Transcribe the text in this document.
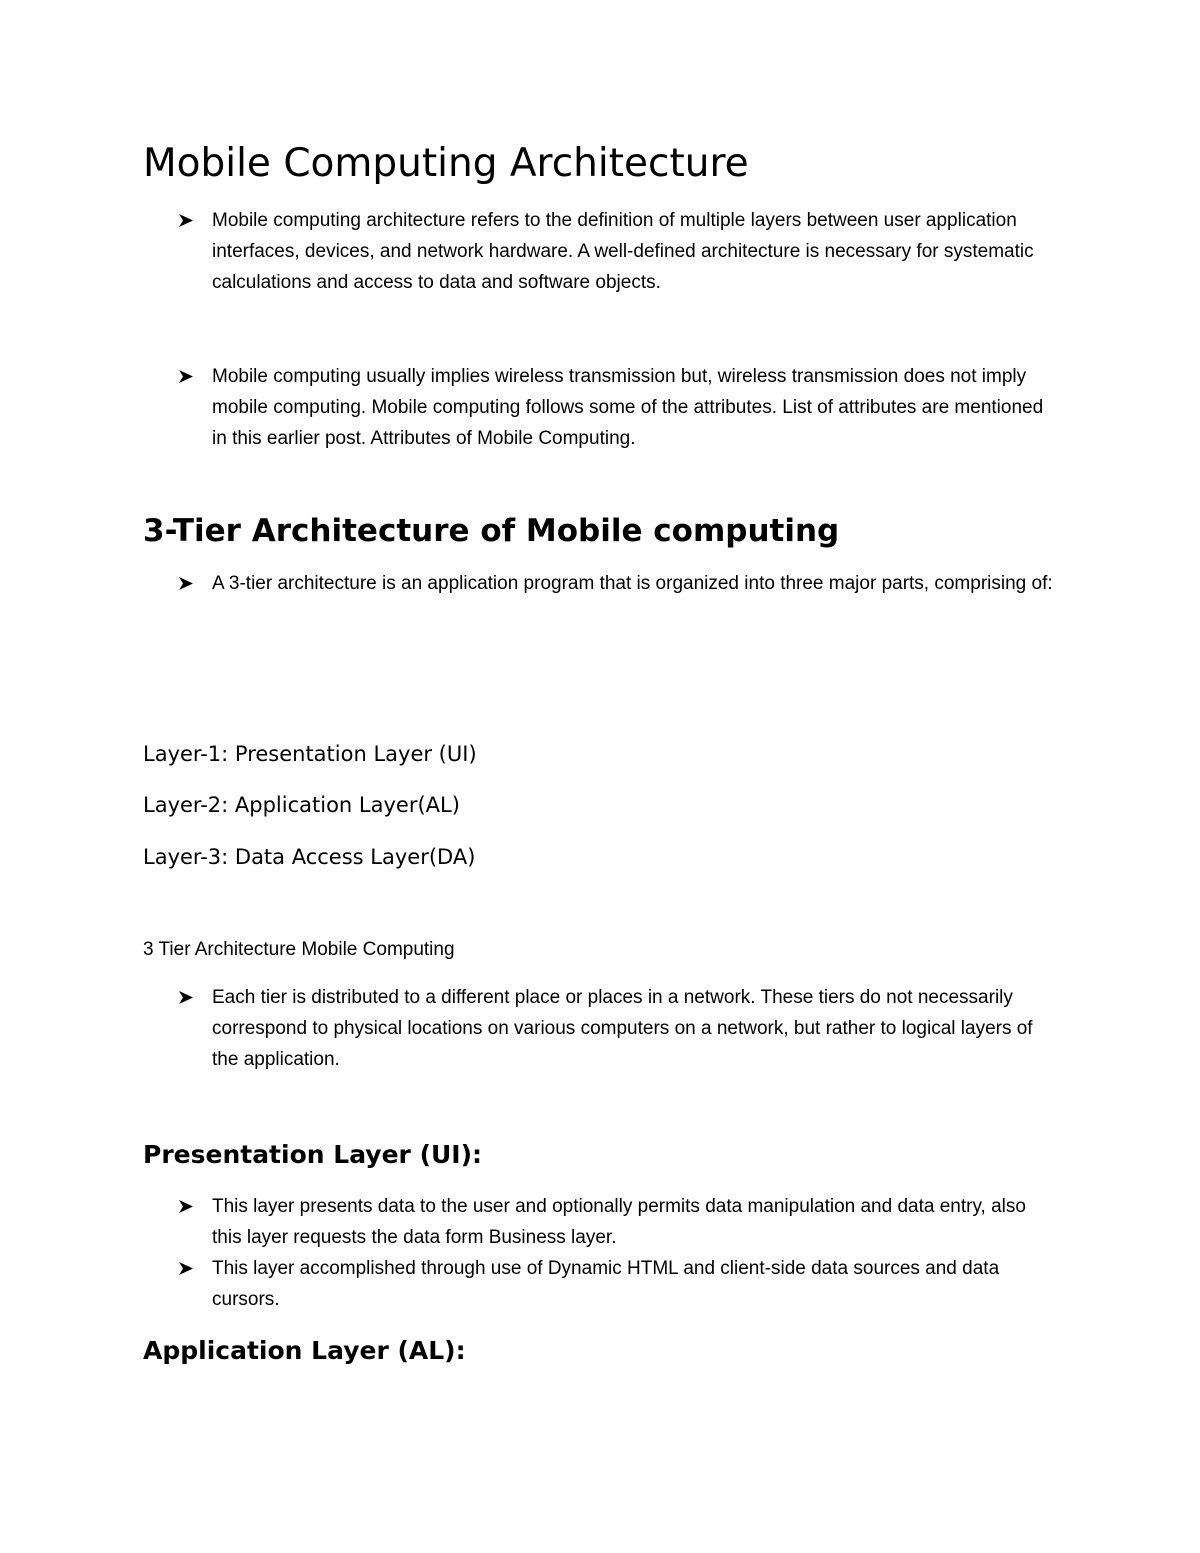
Mobile Computing Architecture
Mobile computing architecture refers to the definition of multiple layers between user application interfaces, devices, and network hardware. A well-defined architecture is necessary for systematic calculations and access to data and software objects.
Mobile computing usually implies wireless transmission but, wireless transmission does not imply mobile computing. Mobile computing follows some of the attributes. List of attributes are mentioned in this earlier post. Attributes of Mobile Computing.
3-Tier Architecture of Mobile computing
A 3-tier architecture is an application program that is organized into three major parts, comprising of:
Layer-1: Presentation Layer (UI)
Layer-2: Application Layer(AL)
Layer-3: Data Access Layer(DA)
3 Tier Architecture Mobile Computing
Each tier is distributed to a different place or places in a network. These tiers do not necessarily correspond to physical locations on various computers on a network, but rather to logical layers of the application.
Presentation Layer (UI):
This layer presents data to the user and optionally permits data manipulation and data entry, also this layer requests the data form Business layer.
This layer accomplished through use of Dynamic HTML and client-side data sources and data cursors.
Application Layer (AL):
